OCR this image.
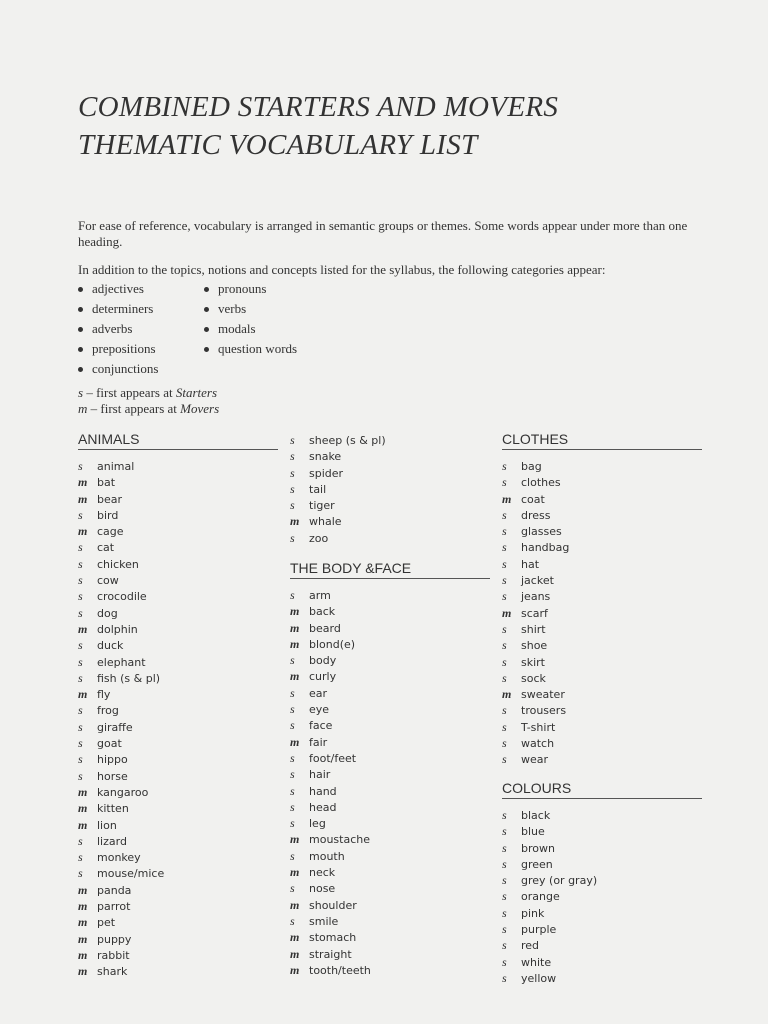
COMBINED STARTERS AND MOVERS
THEMATIC VOCABULARY LIST
For ease of reference, vocabulary is arranged in semantic groups or themes. Some words appear under more than one heading.
In addition to the topics, notions and concepts listed for the syllabus, the following categories appear:
adjectives
determiners
adverbs
prepositions
conjunctions
pronouns
verbs
modals
question words
s – first appears at Starters
m – first appears at Movers
ANIMALS
s animal
m bat
m bear
s bird
m cage
s cat
s chicken
s cow
s crocodile
s dog
m dolphin
s duck
s elephant
s fish (s & pl)
m fly
s frog
s giraffe
s goat
s hippo
s horse
m kangaroo
m kitten
m lion
s lizard
s monkey
s mouse/mice
m panda
m parrot
m pet
m puppy
m rabbit
m shark
s sheep (s & pl)
s snake
s spider
s tail
s tiger
m whale
s zoo
THE BODY &FACE
s arm
m back
m beard
m blond(e)
s body
m curly
s ear
s eye
s face
m fair
s foot/feet
s hair
s hand
s head
s leg
m moustache
s mouth
m neck
s nose
m shoulder
s smile
m stomach
m straight
m tooth/teeth
CLOTHES
s bag
s clothes
m coat
s dress
s glasses
s handbag
s hat
s jacket
s jeans
m scarf
s shirt
s shoe
s skirt
s sock
m sweater
s trousers
s T-shirt
s watch
s wear
COLOURS
s black
s blue
s brown
s green
s grey (or gray)
s orange
s pink
s purple
s red
s white
s yellow
